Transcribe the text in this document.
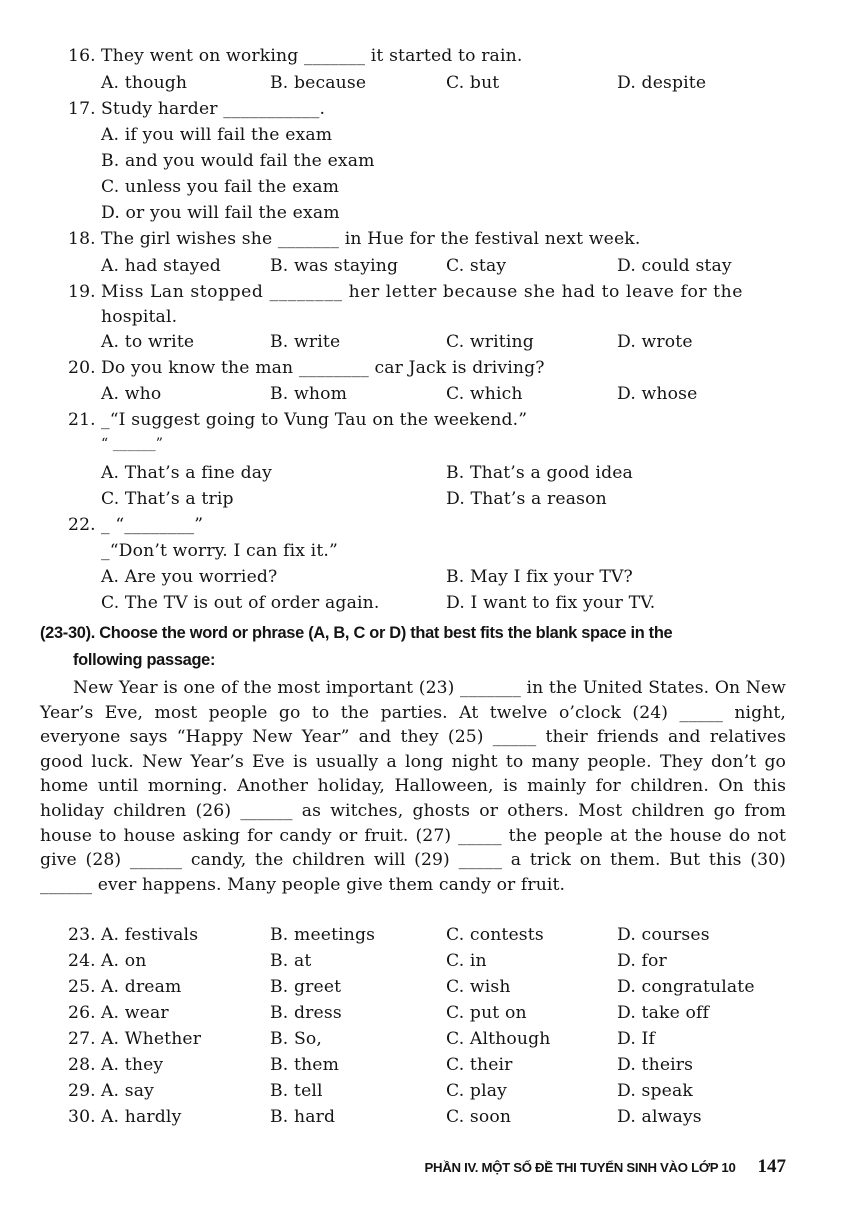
16. They went on working _______ it started to rain.
A. though	B. because	C. but	D. despite
17. Study harder ___________.
A. if you will fail the exam
B. and you would fail the exam
C. unless you fail the exam
D. or you will fail the exam
18. The girl wishes she _______ in Hue for the festival next week.
A. had stayed	B. was staying	C. stay	D. could stay
19. Miss Lan stopped ________ her letter because she had to leave for the
hospital.
A. to write	B. write	C. writing	D. wrote
20. Do you know the man ________ car Jack is driving?
A. who	B. whom	C. which	D. whose
21. _“I suggest going to Vung Tau on the weekend.”
“ ______”
A. That’s a fine day	B. That’s a good idea
C. That’s a trip	D. That’s a reason
22. _ “________”
_“Don’t worry. I can fix it.”
A. Are you worried?	B. May I fix your TV?
C. The TV is out of order again.	D. I want to fix your TV.
(23-30). Choose the word or phrase (A, B, C or D) that best fits the blank space in the
following passage:
New Year is one of the most important (23) _______ in the United States. On New Year’s Eve, most people go to the parties. At twelve o’clock (24) _____ night, everyone says “Happy New Year” and they (25) _____ their friends and relatives good luck. New Year’s Eve is usually a long night to many people. They don’t go home until morning. Another holiday, Halloween, is mainly for children. On this holiday children (26) ______ as witches, ghosts or others. Most children go from house to house asking for candy or fruit. (27) _____ the people at the house do not give (28) ______ candy, the children will (29) _____ a trick on them. But this (30) ______ ever happens. Many people give them candy or fruit.
23. A. festivals	B. meetings	C. contests	D. courses
24. A. on	B. at	C. in	D. for
25. A. dream	B. greet	C. wish	D. congratulate
26. A. wear	B. dress	C. put on	D. take off
27. A. Whether	B. So,	C. Although	D. If
28. A. they	B. them	C. their	D. theirs
29. A. say	B. tell	C. play	D. speak
30. A. hardly	B. hard	C. soon	D. always
PHẦN IV. MỘT SỐ ĐỀ THI TUYỂN SINH VÀO LỚP 10 147
